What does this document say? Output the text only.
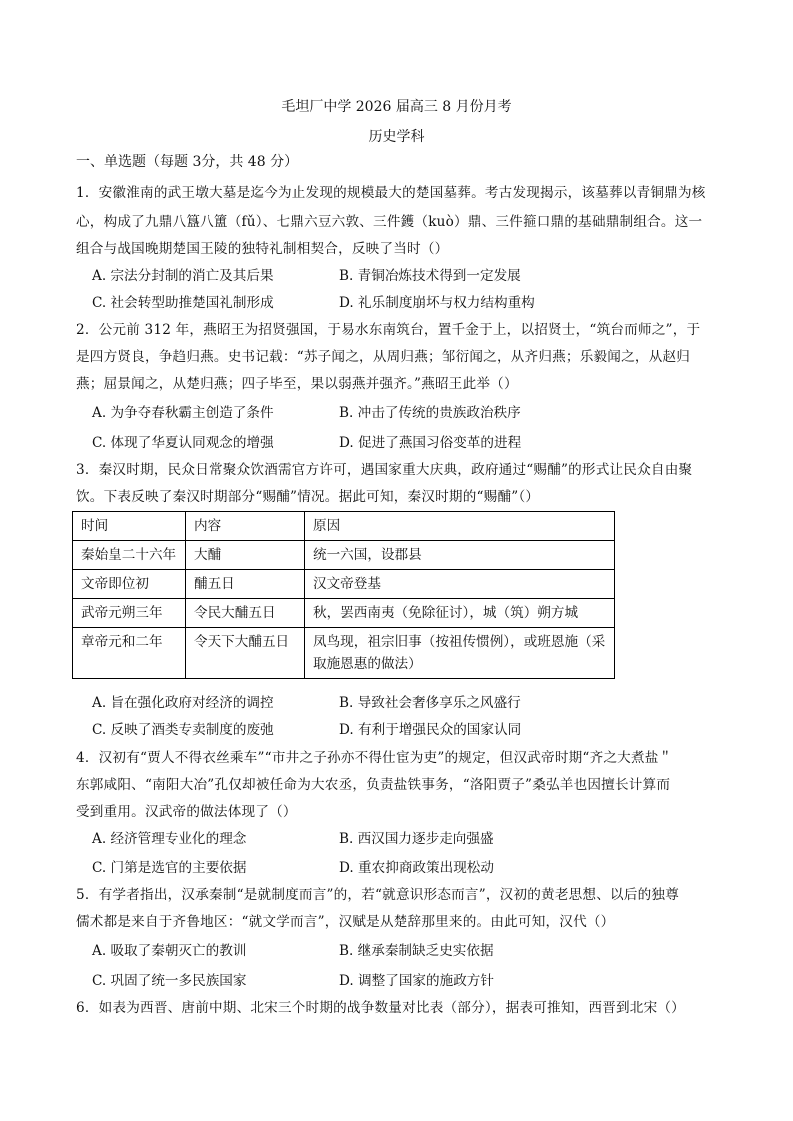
毛坦厂中学 2026 届高三 8 月份月考
历史学科
一、单选题（每题 3分，共 48 分）
1．安徽淮南的武王墩大墓是迄今为止发现的规模最大的楚国墓葬。考古发现揭示，该墓葬以青铜鼎为核
心，构成了九鼎八簋八簠（fǔ）、七鼎六豆六敦、三件鑊（kuò）鼎、三件箍口鼎的基础鼎制组合。这一
组合与战国晚期楚国王陵的独特礼制相契合，反映了当时（）
A. 宗法分封制的消亡及其后果	B. 青铜冶炼技术得到一定发展
C. 社会转型助推楚国礼制形成	D. 礼乐制度崩坏与权力结构重构
2．公元前 312 年，燕昭王为招贤强国，于易水东南筑台，置千金于上，以招贤士，“筑台而师之”，于
是四方贤良，争趋归燕。史书记载：“苏子闻之，从周归燕；邹衍闻之，从齐归燕；乐毅闻之，从赵归
燕；屈景闻之，从楚归燕；四子毕至，果以弱燕并强齐。”燕昭王此举（）
A. 为争夺春秋霸主创造了条件	B. 冲击了传统的贵族政治秩序
C. 体现了华夏认同观念的增强	D. 促进了燕国习俗变革的进程
3．秦汉时期，民众日常聚众饮酒需官方许可，遇国家重大庆典，政府通过“赐酺”的形式让民众自由聚
饮。下表反映了秦汉时期部分“赐酺”情况。据此可知，秦汉时期的“赐酺”（）
时间	内容	原因
秦始皇二十六年	大酺	统一六国，设郡县
文帝即位初	酺五日	汉文帝登基
武帝元朔三年	令民大酺五日	秋，罢西南夷（免除征讨），城（筑）朔方城
章帝元和二年	令天下大酺五日	凤鸟现，祖宗旧事（按祖传惯例），或班恩施（采取施恩惠的做法）
A. 旨在强化政府对经济的调控	B. 导致社会奢侈享乐之风盛行
C. 反映了酒类专卖制度的废弛	D. 有利于增强民众的国家认同
4．汉初有“贾人不得衣丝乘车”“市井之子孙亦不得仕宦为吏”的规定，但汉武帝时期“齐之大煮盐＂
东郭咸阳、“南阳大冶”孔仅却被任命为大农丞，负责盐铁事务，“洛阳贾子”桑弘羊也因擅长计算而
受到重用。汉武帝的做法体现了（）
A. 经济管理专业化的理念	B. 西汉国力逐步走向强盛
C. 门第是选官的主要依据	D. 重农抑商政策出现松动
5．有学者指出，汉承秦制“是就制度而言”的，若“就意识形态而言”，汉初的黄老思想、以后的独尊
儒术都是来自于齐鲁地区：“就文学而言”，汉赋是从楚辞那里来的。由此可知，汉代（）
A. 吸取了秦朝灭亡的教训	B. 继承秦制缺乏史实依据
C. 巩固了统一多民族国家	D. 调整了国家的施政方针
6．如表为西晋、唐前中期、北宋三个时期的战争数量对比表（部分），据表可推知，西晋到北宋（）
